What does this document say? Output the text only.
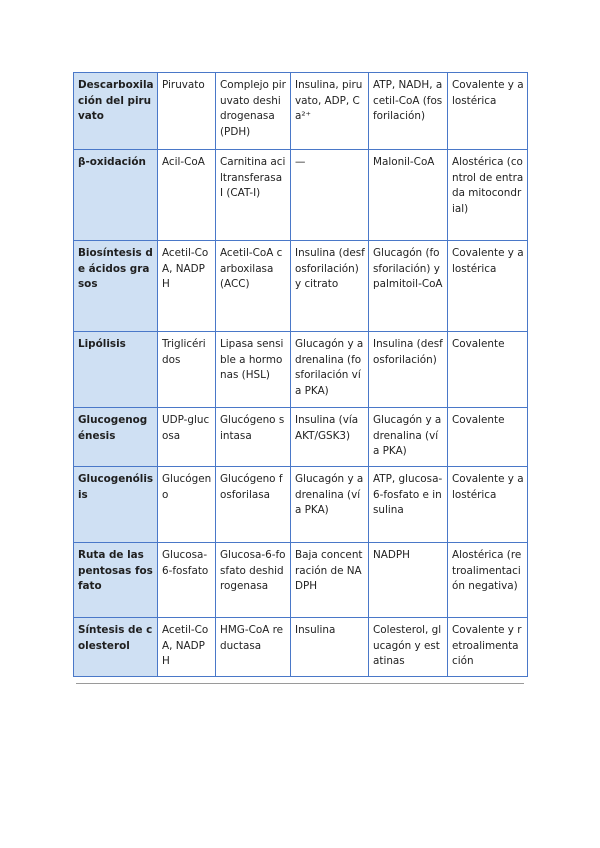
Descarboxilación del piruvato	Piruvato	Complejo piruvato deshidrogenasa (PDH)	Insulina, piruvato, ADP, Ca²⁺	ATP, NADH, acetil-CoA (fosforilación)	Covalente y alostérica
β-oxidación	Acil-CoA	Carnitina aciltransferasa I (CAT-I)	—	Malonil-CoA	Alostérica (control de entrada mitocondrial)
Biosíntesis de ácidos grasos	Acetil-CoA, NADPH	Acetil-CoA carboxilasa (ACC)	Insulina (desfosforilación) y citrato	Glucagón (fosforilación) y palmitoil-CoA	Covalente y alostérica
Lipólisis	Triglicéridos	Lipasa sensible a hormonas (HSL)	Glucagón y adrenalina (fosforilación vía PKA)	Insulina (desfosforilación)	Covalente
Glucogenogénesis	UDP-glucosa	Glucógeno sintasa	Insulina (vía AKT/GSK3)	Glucagón y adrenalina (vía PKA)	Covalente
Glucogenólisis	Glucógeno	Glucógeno fosforilasa	Glucagón y adrenalina (vía PKA)	ATP, glucosa-6-fosfato e insulina	Covalente y alostérica
Ruta de las pentosas fosfato	Glucosa-6-fosfato	Glucosa-6-fosfato deshidrogenasa	Baja concentración de NADPH	NADPH	Alostérica (retroalimentación negativa)
Síntesis de colesterol	Acetil-CoA, NADPH	HMG-CoA reductasa	Insulina	Colesterol, glucagón y estatinas	Covalente y retroalimentación
